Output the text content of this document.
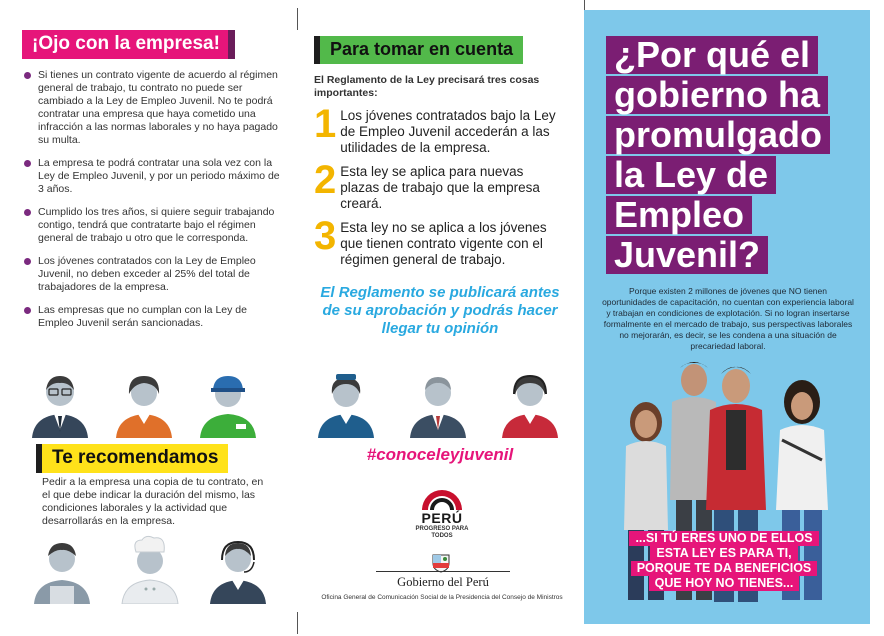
¡Ojo con la empresa!
Si tienes un contrato vigente de acuerdo al régimen general de trabajo, tu contrato no puede ser cambiado a la Ley de Empleo Juvenil. No te podrá contratar una empresa que haya cometido una infracción a las normas laborales y no haya pagado su multa.
La empresa te podrá contratar una sola vez con la Ley de Empleo Juvenil, y por un periodo máximo de 3 años.
Cumplido los tres años, si quiere seguir trabajando contigo, tendrá que contratarte bajo el régimen general de trabajo u otro que le corresponda.
Los jóvenes contratados con la Ley de Empleo Juvenil, no deben exceder al 25% del total de trabajadores de la empresa.
Las empresas que no cumplan con la Ley de Empleo Juvenil serán sancionadas.
Te recomendamos
Pedir a la empresa una copia de tu contrato, en el que debe indicar la duración del mismo, las condiciones laborales y la actividad que desarrollarás en la empresa.
Para tomar en cuenta
El Reglamento de la Ley precisará tres cosas importantes:
1 Los jóvenes contratados bajo la Ley de Empleo Juvenil accederán a las utilidades de la empresa.
2 Esta ley se aplica para nuevas plazas de trabajo que la empresa creará.
3 Esta ley no se aplica a los jóvenes que tienen contrato vigente con el régimen general de trabajo.
El Reglamento se publicará antes de su aprobación y podrás hacer llegar tu opinión
#conoceleyjuvenil
PERÚ
PROGRESO PARA TODOS
Gobierno del Perú
Oficina General de Comunicación Social de la Presidencia del Consejo de Ministros
¿Por qué el
gobierno ha
promulgado
la Ley de
Empleo
Juvenil?
Porque existen 2 millones de jóvenes que NO tienen oportunidades de capacitación, no cuentan con experiencia laboral y trabajan en condiciones de explotación. Si no logran insertarse formalmente en el mercado de trabajo, sus perspectivas laborales no mejorarán, es decir, se les condena a una situación de precariedad laboral.
...SI TÚ ERES UNO DE ELLOS
ESTA LEY ES PARA TI,
PORQUE TE DA BENEFICIOS
QUE HOY NO TIENES...
